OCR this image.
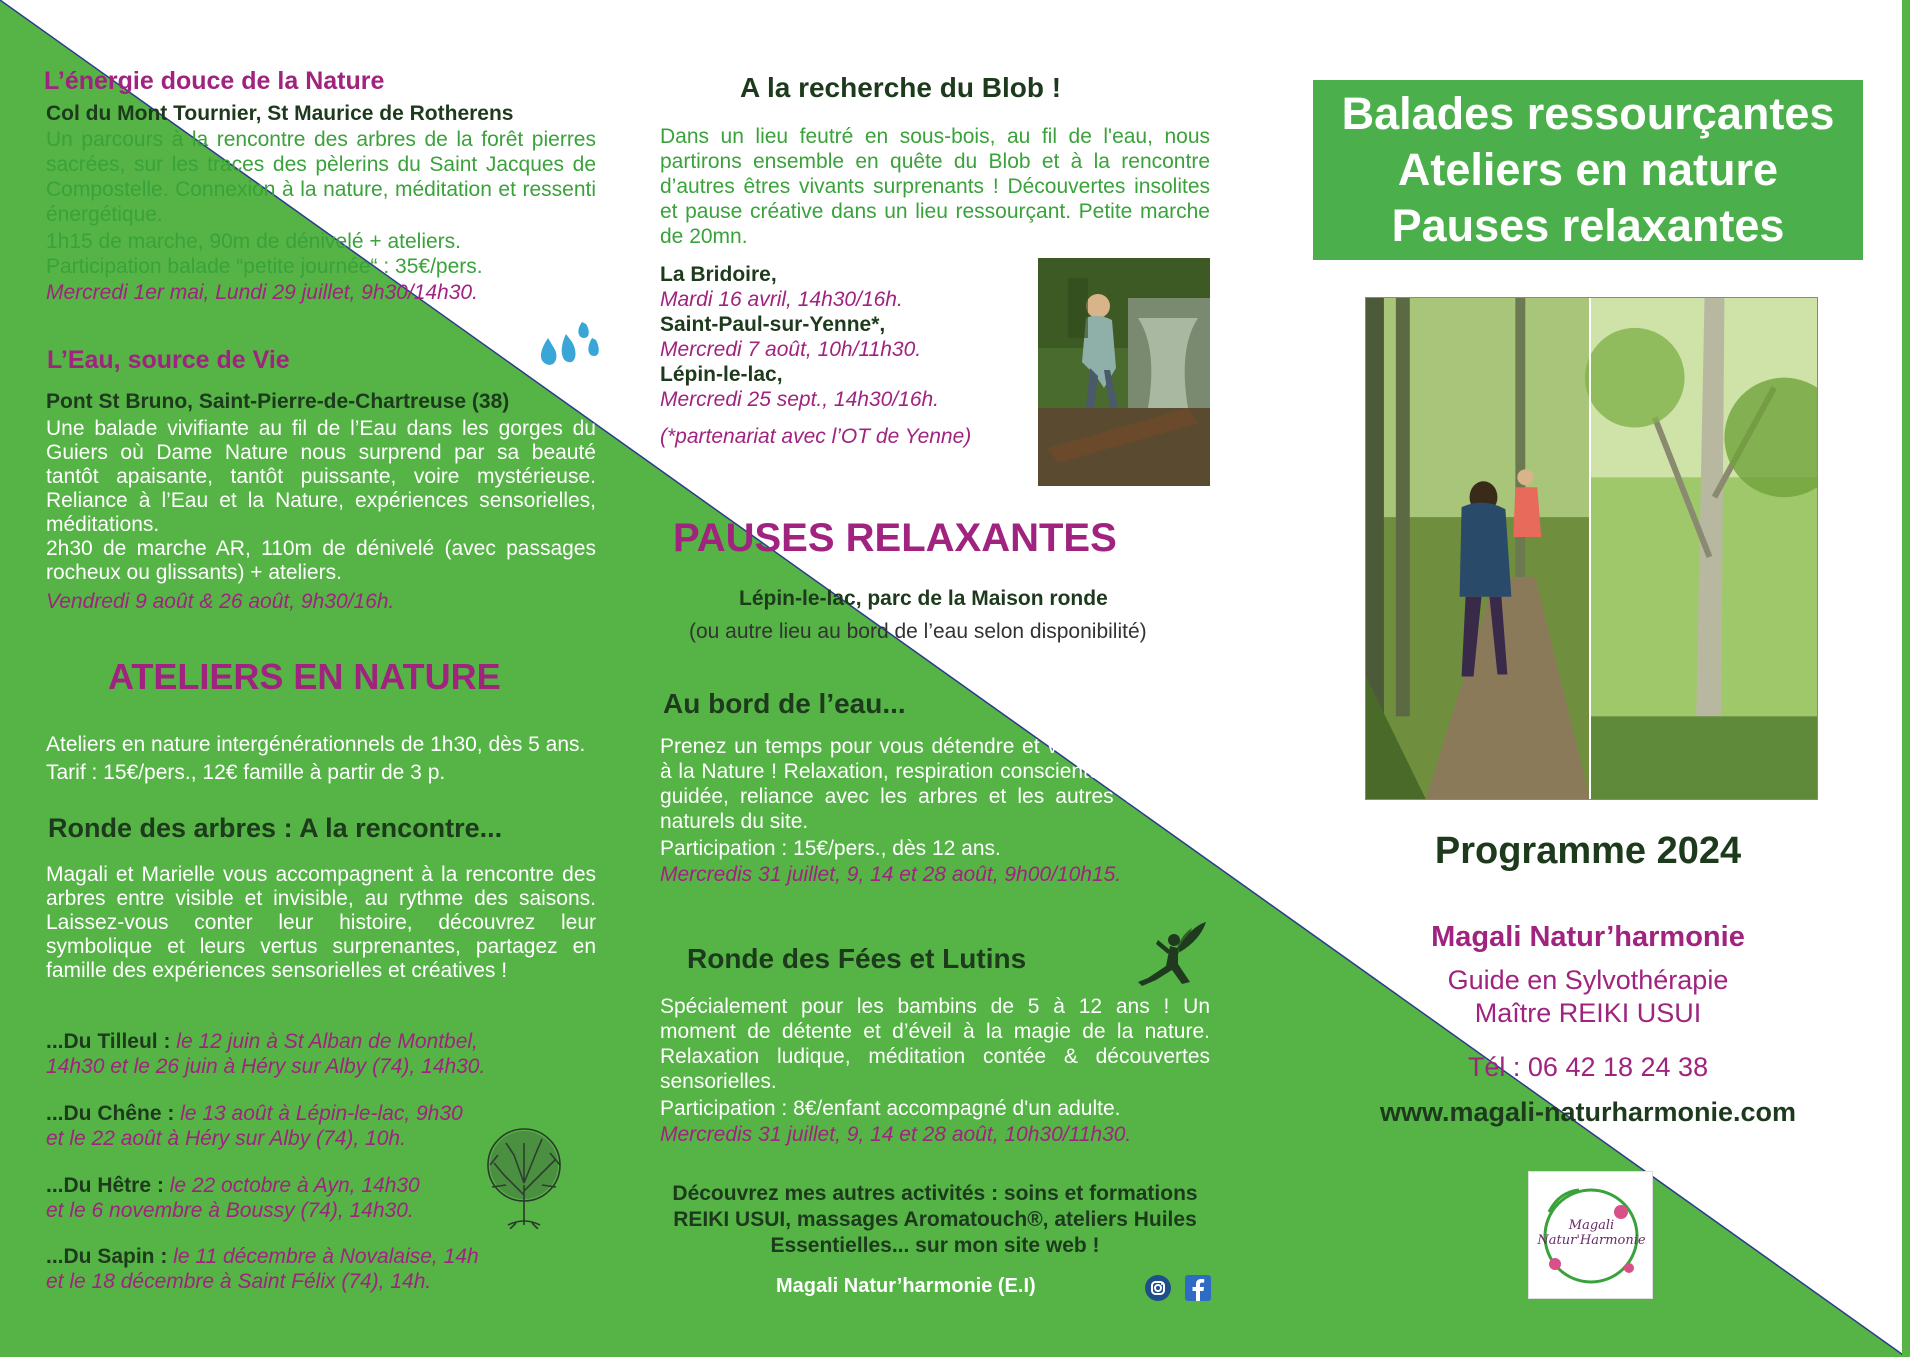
L’énergie douce de la Nature
Col du Mont Tournier, St Maurice de Rotherens
Un parcours à la rencontre des arbres de la forêt pierres sacrées, sur les traces des pèlerins du Saint Jacques de Compostelle. Connexion à la nature, méditation et ressenti énergétique.
1h15 de marche, 90m de dénivelé + ateliers.
Participation balade “petite journée“ : 35€/pers.
Mercredi 1er mai, Lundi 29 juillet, 9h30/14h30.
L’Eau, source de Vie
Pont St Bruno, Saint-Pierre-de-Chartreuse (38)
Une balade vivifiante au fil de l’Eau dans les gorges du Guiers où Dame Nature nous surprend par sa beauté tantôt apaisante, tantôt puissante, voire mystérieuse. Reliance à l’Eau et la Nature, expériences sensorielles, méditations.
2h30 de marche AR, 110m de dénivelé (avec passages rocheux ou glissants) + ateliers.
Vendredi 9 août & 26 août, 9h30/16h.
ATELIERS EN NATURE
Ateliers en nature intergénérationnels de 1h30, dès 5 ans. Tarif : 15€/pers., 12€ famille à partir de 3 p.
Ronde des arbres : A la rencontre...
Magali et Marielle vous accompagnent à la rencontre des arbres entre visible et invisible, au rythme des saisons. Laissez-vous conter leur histoire, découvrez leur symbolique et leurs vertus surprenantes, partagez en famille des expériences sensorielles et créatives !
...Du Tilleul : le 12 juin à St Alban de Montbel,
14h30 et le 26 juin à Héry sur Alby (74), 14h30.
...Du Chêne : le 13 août à Lépin-le-lac, 9h30
et le 22 août à Héry sur Alby (74), 10h.
...Du Hêtre : le 22 octobre à Ayn, 14h30
et le 6 novembre à Boussy (74), 14h30.
...Du Sapin : le 11 décembre à Novalaise, 14h
et le 18 décembre à Saint Félix (74), 14h.
A la recherche du Blob !
Dans un lieu feutré en sous-bois, au fil de l'eau, nous partirons ensemble en quête du Blob et à la rencontre d’autres êtres vivants surprenants ! Découvertes insolites et pause créative dans un lieu ressourçant. Petite marche de 20mn.
La Bridoire,
Mardi 16 avril, 14h30/16h.
Saint-Paul-sur-Yenne*,
Mercredi 7 août, 10h/11h30.
Lépin-le-lac,
Mercredi 25 sept., 14h30/16h.
(*partenariat avec l’OT de Yenne)
PAUSES RELAXANTES
Lépin-le-lac, parc de la Maison ronde
(ou autre lieu au bord de l’eau selon disponibilité)
Au bord de l’eau...
Prenez un temps pour vous détendre et vous reconnecter à la Nature ! Relaxation, respiration consciente, méditation guidée, reliance avec les arbres et les autres éléments naturels du site.
Participation : 15€/pers., dès 12 ans.
Mercredis 31 juillet, 9, 14 et 28 août, 9h00/10h15.
Ronde des Fées et Lutins
Spécialement pour les bambins de 5 à 12 ans ! Un moment de détente et d’éveil à la magie de la nature. Relaxation ludique, méditation contée & découvertes sensorielles.
Participation : 8€/enfant accompagné d'un adulte.
Mercredis 31 juillet, 9, 14 et 28 août, 10h30/11h30.
Découvrez mes autres activités : soins et formations REIKI USUI, massages Aromatouch®, ateliers Huiles Essentielles... sur mon site web !
Magali Natur’harmonie (E.I)
Balades ressourçantes
Ateliers en nature
Pauses relaxantes
Programme 2024
Magali Natur’harmonie
Guide en Sylvothérapie
Maître REIKI USUI
Tél : 06 42 18 24 38
www.magali-naturharmonie.com
Magali Natur'Harmonie
